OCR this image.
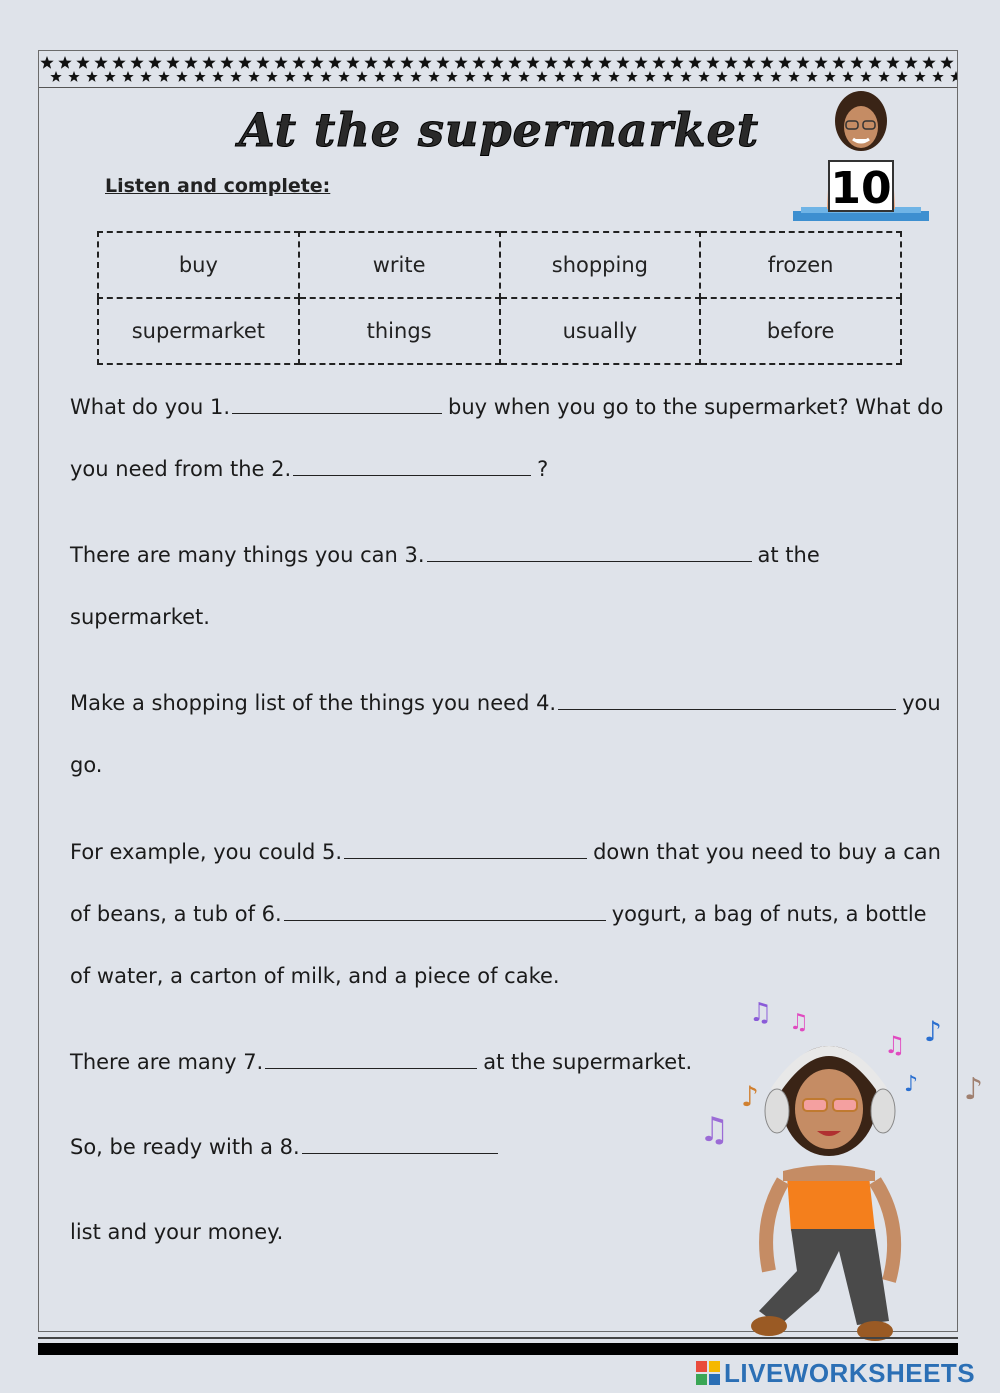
At the supermarket
Listen and complete:	10
buy	write	shopping	frozen
supermarket	things	usually	before
What do you 1.	buy when you go to the supermarket? What do
you need from the 2.	?
There are many things you can 3.	at the
supermarket.
Make a shopping list of the things you need 4.	you
go.
For example, you could 5.	down that you need to buy a can
of beans, a tub of 6.	yogurt, a bag of nuts, a bottle
of water, a carton of milk, and a piece of cake.
There are many 7.	at the supermarket.
So, be ready with a 8.
list and your money.
♫ ♫
♫
♫ ♪
♪ ♪
♪
LIVEWORKSHEETS
